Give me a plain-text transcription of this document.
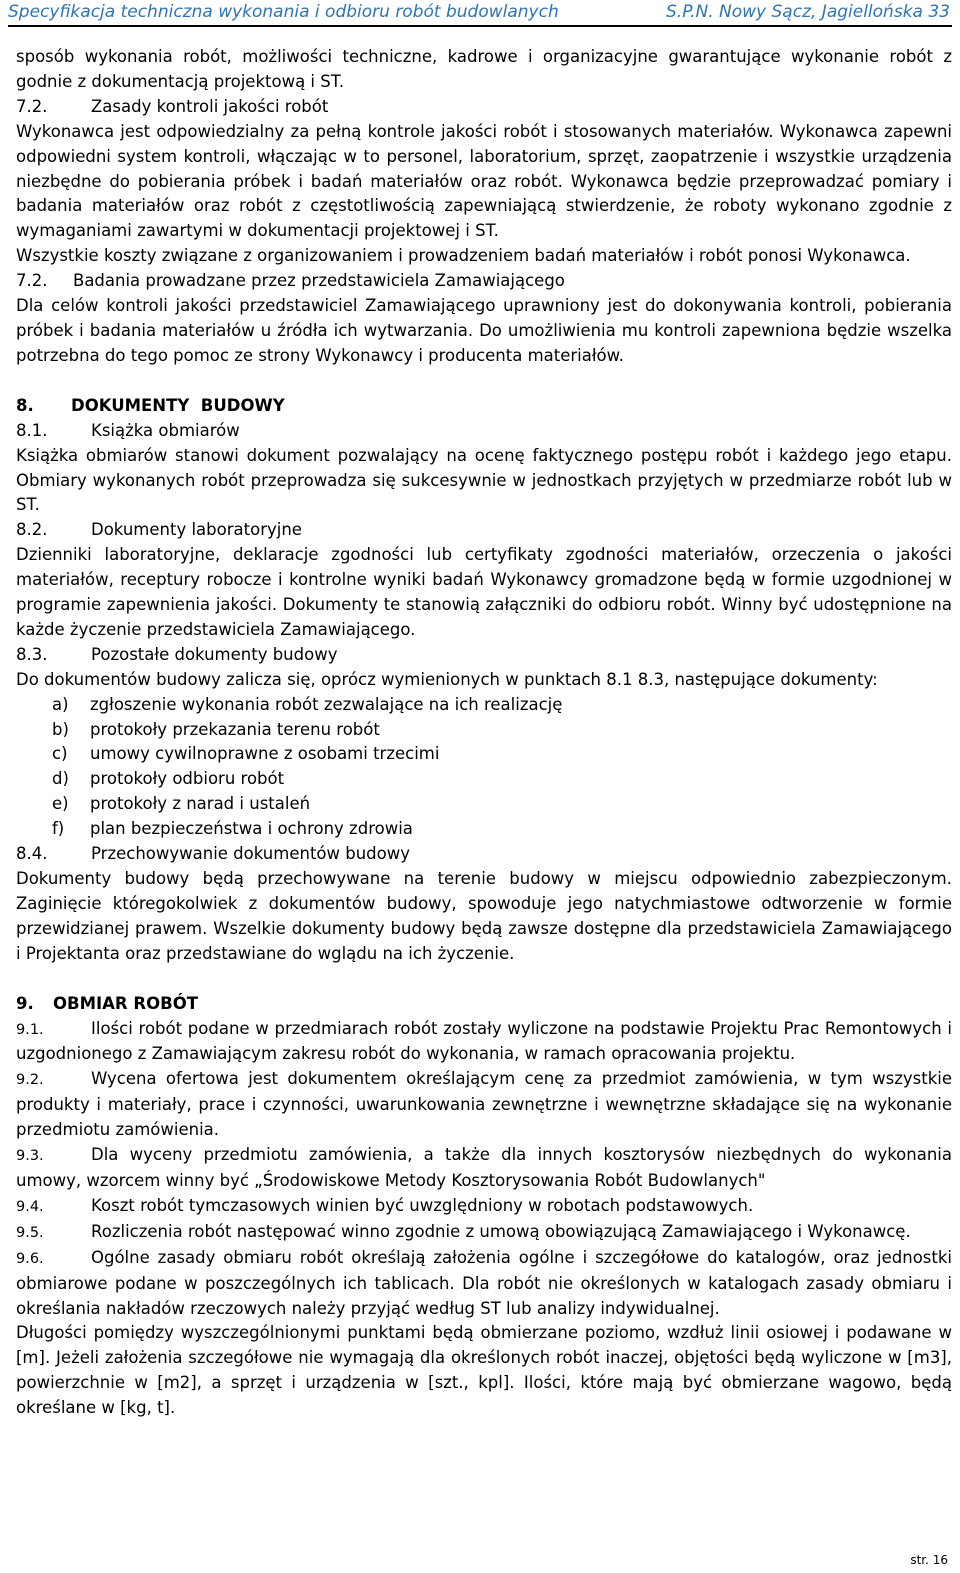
Specyfikacja techniczna wykonania i odbioru robót budowlanych	S.P.N. Nowy Sącz, Jagiellońska 33

sposób wykonania robót, możliwości techniczne, kadrowe i organizacyjne gwarantujące wykonanie robót z godnie z dokumentacją projektową i ST.

7.2.	Zasady kontroli jakości robót

Wykonawca jest odpowiedzialny za pełną kontrole jakości robót i stosowanych materiałów. Wykonawca zapewni odpowiedni system kontroli, włączając w to personel, laboratorium, sprzęt, zaopatrzenie i wszystkie urządzenia niezbędne do pobierania próbek i badań materiałów oraz robót. Wykonawca będzie przeprowadzać pomiary i badania materiałów oraz robót z częstotliwością zapewniającą stwierdzenie, że roboty wykonano zgodnie z wymaganiami zawartymi w dokumentacji projektowej i ST.

Wszystkie koszty związane z organizowaniem i prowadzeniem badań materiałów i robót ponosi Wykonawca.

7.2.	Badania prowadzane przez przedstawiciela Zamawiającego

Dla celów kontroli jakości przedstawiciel Zamawiającego uprawniony jest do dokonywania kontroli, pobierania próbek i badania materiałów u źródła ich wytwarzania. Do umożliwienia mu kontroli zapewniona będzie wszelka potrzebna do tego pomoc ze strony Wykonawcy i producenta materiałów.

8.	DOKUMENTY  BUDOWY
8.1.	Książka obmiarów

Książka obmiarów stanowi dokument pozwalający na ocenę faktycznego postępu robót i każdego jego etapu. Obmiary wykonanych robót przeprowadza się sukcesywnie w jednostkach przyjętych w przedmiarze robót lub w ST.

8.2.	Dokumenty laboratoryjne

Dzienniki laboratoryjne, deklaracje zgodności lub certyfikaty zgodności materiałów, orzeczenia o jakości materiałów, receptury robocze i kontrolne wyniki badań Wykonawcy gromadzone będą w formie uzgodnionej w programie zapewnienia jakości. Dokumenty te stanowią załączniki do odbioru robót. Winny być udostępnione na każde życzenie przedstawiciela Zamawiającego.

8.3.	Pozostałe dokumenty budowy

Do dokumentów budowy zalicza się, oprócz wymienionych w punktach 8.1 8.3, następujące dokumenty:

a)	zgłoszenie wykonania robót zezwalające na ich realizację
b)	protokoły przekazania terenu robót
c)	umowy cywilnoprawne z osobami trzecimi
d)	protokoły odbioru robót
e)	protokoły z narad i ustaleń
f)	plan bezpieczeństwa i ochrony zdrowia
8.4.	Przechowywanie dokumentów budowy

Dokumenty budowy będą przechowywane na terenie budowy w miejscu odpowiednio zabezpieczonym. Zaginięcie któregokolwiek z dokumentów budowy, spowoduje jego natychmiastowe odtworzenie w formie przewidzianej prawem. Wszelkie dokumenty budowy będą zawsze dostępne dla przedstawiciela Zamawiającego i Projektanta oraz przedstawiane do wglądu na ich życzenie.

9.	OBMIAR ROBÓT

9.1.	Ilości robót podane w przedmiarach robót zostały wyliczone na podstawie Projektu Prac Remontowych i uzgodnionego z Zamawiającym zakresu robót do wykonania, w ramach opracowania projektu.

9.2.	Wycena ofertowa jest dokumentem określającym cenę za przedmiot zamówienia, w tym wszystkie produkty i materiały, prace i czynności, uwarunkowania zewnętrzne i wewnętrzne składające się na wykonanie przedmiotu zamówienia.

9.3.	Dla wyceny przedmiotu zamówienia, a także dla innych kosztorysów niezbędnych do wykonania umowy, wzorcem winny być „Środowiskowe Metody Kosztorysowania Robót Budowlanych"

9.4.	Koszt robót tymczasowych winien być uwzględniony w robotach podstawowych.

9.5.	Rozliczenia robót następować winno zgodnie z umową obowiązującą Zamawiającego i Wykonawcę.

9.6.	Ogólne zasady obmiaru robót określają założenia ogólne i szczegółowe do katalogów, oraz jednostki obmiarowe podane w poszczególnych ich tablicach. Dla robót nie określonych w katalogach zasady obmiaru i określania nakładów rzeczowych należy przyjąć według ST lub analizy indywidualnej.

Długości pomiędzy wyszczególnionymi punktami będą obmierzane poziomo, wzdłuż linii osiowej i podawane w [m]. Jeżeli założenia szczegółowe nie wymagają dla określonych robót inaczej, objętości będą wyliczone w [m3], powierzchnie w [m2], a sprzęt i urządzenia w [szt., kpl]. Ilości, które mają być obmierzane wagowo, będą określane w [kg, t].

str. 16
